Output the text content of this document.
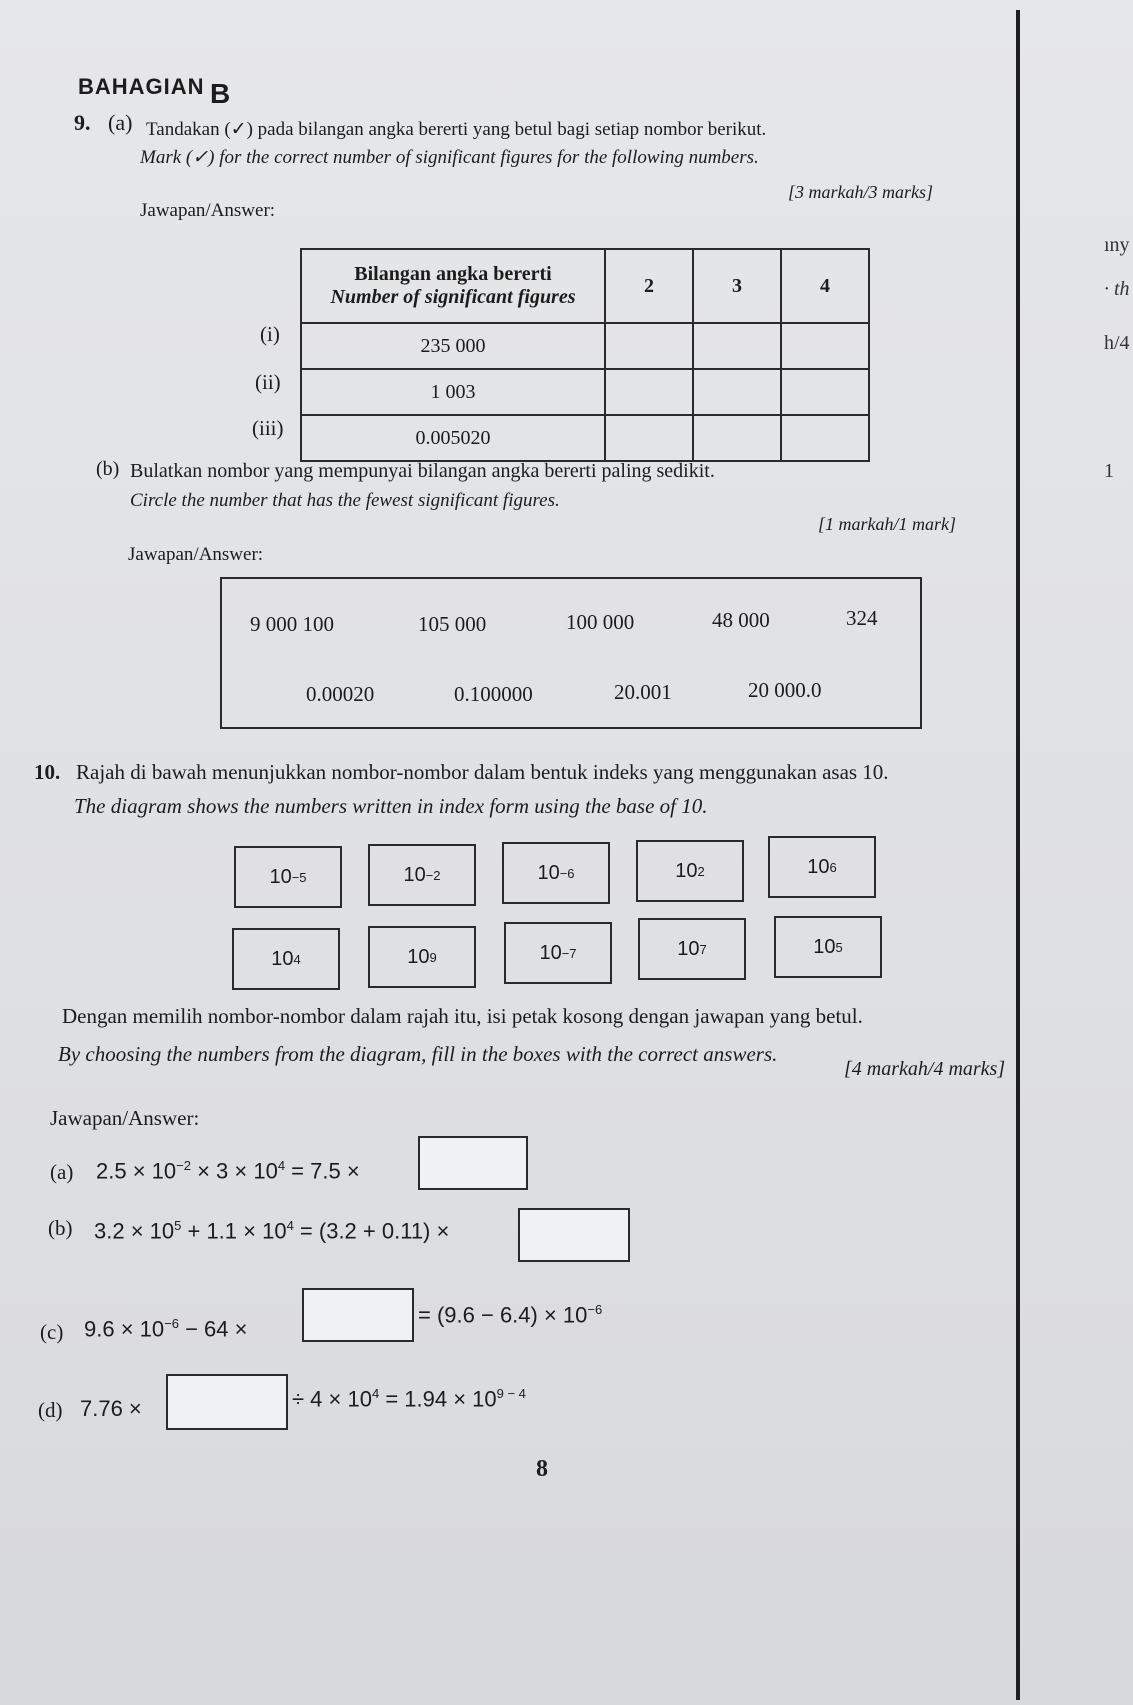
ıny
· th
h/4
1
BAHAGIAN B
9. (a) Tandakan (✓) pada bilangan angka bererti yang betul bagi setiap nombor berikut.
Mark (✓) for the correct number of significant figures for the following numbers.
[3 markah/3 marks]
Jawapan/Answer:
(i)
(ii)
(iii)
Bilangan angka bererti
Number of significant figures	2	3	4
235 000			
1 003			
0.005020			
(b) Bulatkan nombor yang mempunyai bilangan angka bererti paling sedikit.
Circle the number that has the fewest significant figures.
[1 markah/1 mark]
Jawapan/Answer:
9 000 100	105 000	100 000	48 000	324
0.00020	0.100000	20.001	20 000.0
10. Rajah di bawah menunjukkan nombor-nombor dalam bentuk indeks yang menggunakan asas 10.
The diagram shows the numbers written in index form using the base of 10.
10 −5	10 −2	10 −6	10 2	10 6
10 4	10 9	10 −7	10 7	10 5
Dengan memilih nombor-nombor dalam rajah itu, isi petak kosong dengan jawapan yang betul.
By choosing the numbers from the diagram, fill in the boxes with the correct answers.
[4 markah/4 marks]
Jawapan/Answer:
(a) $2.5 \times 10^{-2} \times 3 \times 10^4 = 7.5$ ×
(b) $3.2 \times 10^5 + 1.1 \times 10^4 = (3.2 + 0.11)$ ×
(c) $9.6 \times 10^{-6} - 64$ ×
= $(9.6 - 6.4) \times 10^{-6}$
(d) 7.76 ×	÷ $4 \times 10^4 = 1.94 \times 10^{9 - 4}$
8
